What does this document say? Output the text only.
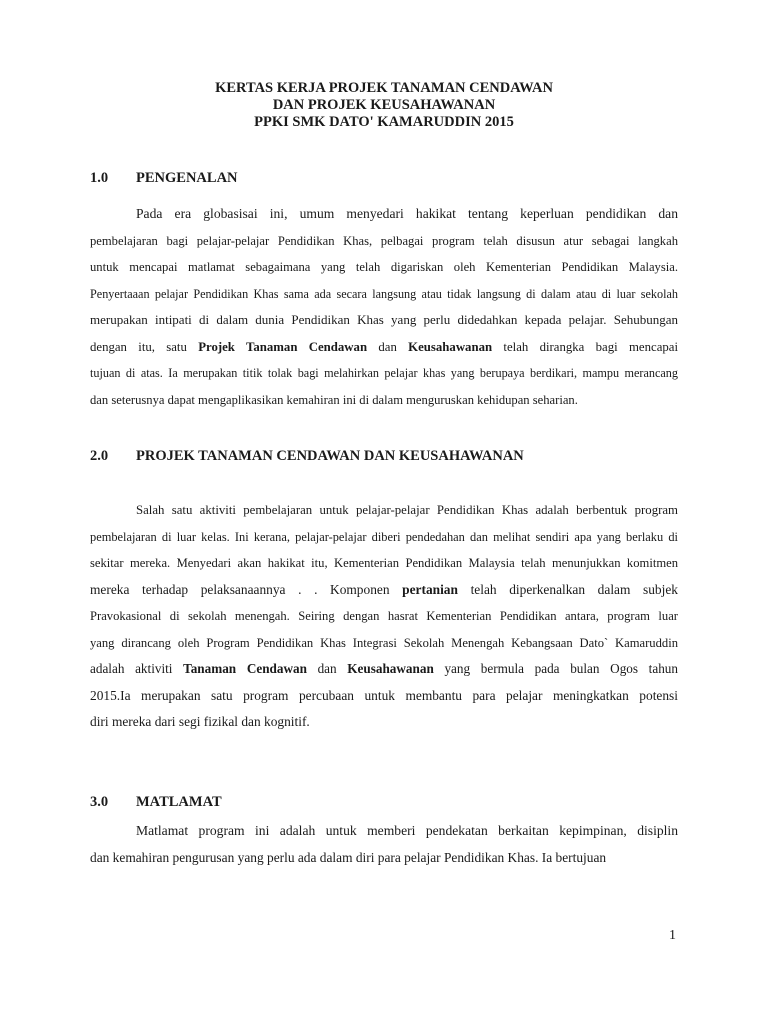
KERTAS KERJA PROJEK TANAMAN CENDAWAN
DAN PROJEK KEUSAHAWANAN
PPKI SMK DATO' KAMARUDDIN 2015
1.0 PENGENALAN
Pada era globasisai ini, umum menyedari hakikat tentang keperluan pendidikan dan
pembelajaran bagi pelajar-pelajar Pendidikan Khas, pelbagai program telah disusun atur sebagai langkah
untuk mencapai matlamat sebagaimana yang telah digariskan oleh Kementerian Pendidikan Malaysia.
Penyertaaan pelajar Pendidikan Khas sama ada secara langsung atau tidak langsung di dalam atau di luar sekolah
merupakan intipati di dalam dunia Pendidikan Khas yang perlu didedahkan kepada pelajar. Sehubungan
dengan itu, satu Projek Tanaman Cendawan dan Keusahawanan telah dirangka bagi mencapai
tujuan di atas. Ia merupakan titik tolak bagi melahirkan pelajar khas yang berupaya berdikari, mampu merancang
dan seterusnya dapat mengaplikasikan kemahiran ini di dalam menguruskan kehidupan seharian.
2.0 PROJEK TANAMAN CENDAWAN DAN KEUSAHAWANAN
Salah satu aktiviti pembelajaran untuk pelajar-pelajar Pendidikan Khas adalah berbentuk program
pembelajaran di luar kelas. Ini kerana, pelajar-pelajar diberi pendedahan dan melihat sendiri apa yang berlaku di
sekitar mereka. Menyedari akan hakikat itu, Kementerian Pendidikan Malaysia telah menunjukkan komitmen
mereka terhadap pelaksanaannya . . Komponen pertanian telah diperkenalkan dalam subjek
Pravokasional di sekolah menengah. Seiring dengan hasrat Kementerian Pendidikan antara, program luar
yang dirancang oleh Program Pendidikan Khas Integrasi Sekolah Menengah Kebangsaan Dato` Kamaruddin
adalah aktiviti Tanaman Cendawan dan Keusahawanan yang bermula pada bulan Ogos tahun
2015.Ia merupakan satu program percubaan untuk membantu para pelajar meningkatkan potensi
diri mereka dari segi fizikal dan kognitif.
3.0 MATLAMAT
Matlamat program ini adalah untuk memberi pendekatan berkaitan kepimpinan, disiplin
dan kemahiran pengurusan yang perlu ada dalam diri para pelajar Pendidikan Khas. Ia bertujuan
1
